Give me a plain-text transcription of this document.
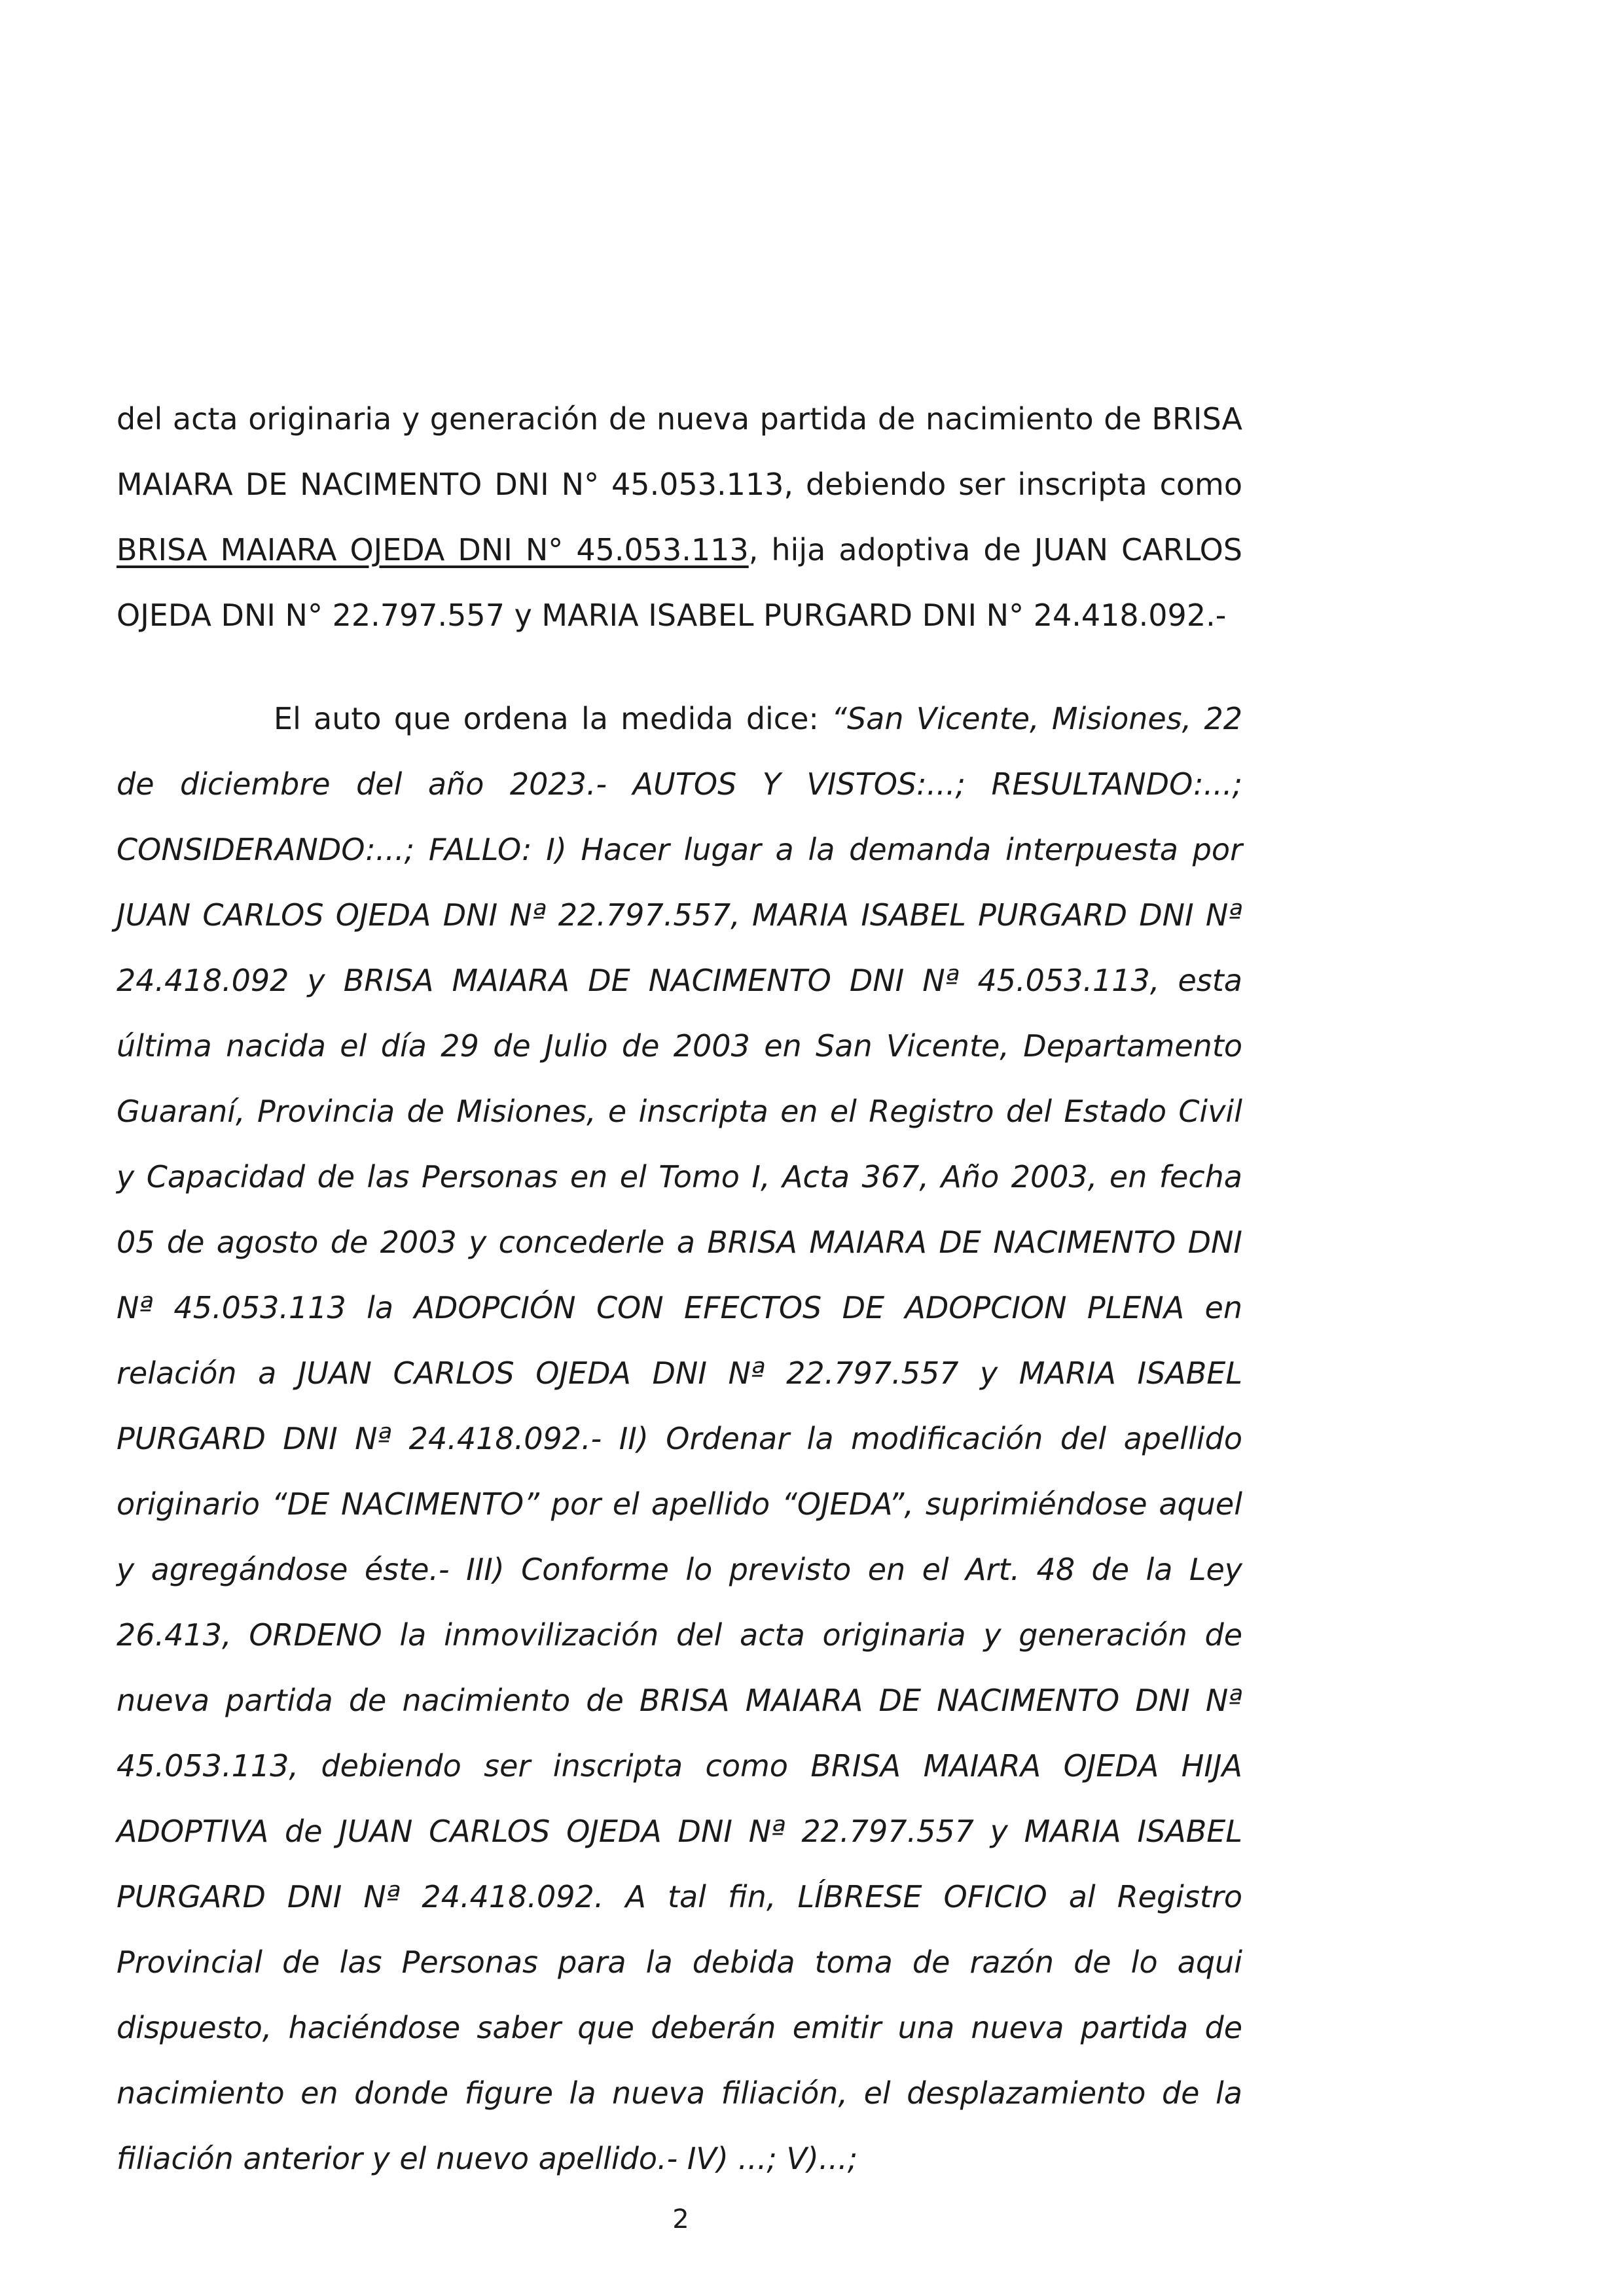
del acta originaria y generación de nueva partida de nacimiento de BRISA MAIARA DE NACIMENTO DNI N° 45.053.113, debiendo ser inscripta como BRISA MAIARA OJEDA DNI N° 45.053.113, hija adoptiva de JUAN CARLOS OJEDA DNI N° 22.797.557 y MARIA ISABEL PURGARD DNI N° 24.418.092.-

El auto que ordena la medida dice: “San Vicente, Misiones, 22 de diciembre del año 2023.- AUTOS Y VISTOS:...; RESULTANDO:...; CONSIDERANDO:...; FALLO: I) Hacer lugar a la demanda interpuesta por JUAN CARLOS OJEDA DNI Nª 22.797.557, MARIA ISABEL PURGARD DNI Nª 24.418.092 y BRISA MAIARA DE NACIMENTO DNI Nª 45.053.113, esta última nacida el día 29 de Julio de 2003 en San Vicente, Departamento Guaraní, Provincia de Misiones, e inscripta en el Registro del Estado Civil y Capacidad de las Personas en el Tomo I, Acta 367, Año 2003, en fecha 05 de agosto de 2003 y concederle a BRISA MAIARA DE NACIMENTO DNI Nª 45.053.113 la ADOPCIÓN CON EFECTOS DE ADOPCION PLENA en relación a JUAN CARLOS OJEDA DNI Nª 22.797.557 y MARIA ISABEL PURGARD DNI Nª 24.418.092.- II) Ordenar la modificación del apellido originario “DE NACIMENTO” por el apellido “OJEDA”, suprimiéndose aquel y agregándose éste.- III) Conforme lo previsto en el Art. 48 de la Ley 26.413, ORDENO la inmovilización del acta originaria y generación de nueva partida de nacimiento de BRISA MAIARA DE NACIMENTO DNI Nª 45.053.113, debiendo ser inscripta como BRISA MAIARA OJEDA HIJA ADOPTIVA de JUAN CARLOS OJEDA DNI Nª 22.797.557 y MARIA ISABEL PURGARD DNI Nª 24.418.092. A tal fin, LÍBRESE OFICIO al Registro Provincial de las Personas para la debida toma de razón de lo aqui dispuesto, haciéndose saber que deberán emitir una nueva partida de nacimiento en donde figure la nueva filiación, el desplazamiento de la filiación anterior y el nuevo apellido.- IV) ...; V)...;

2
